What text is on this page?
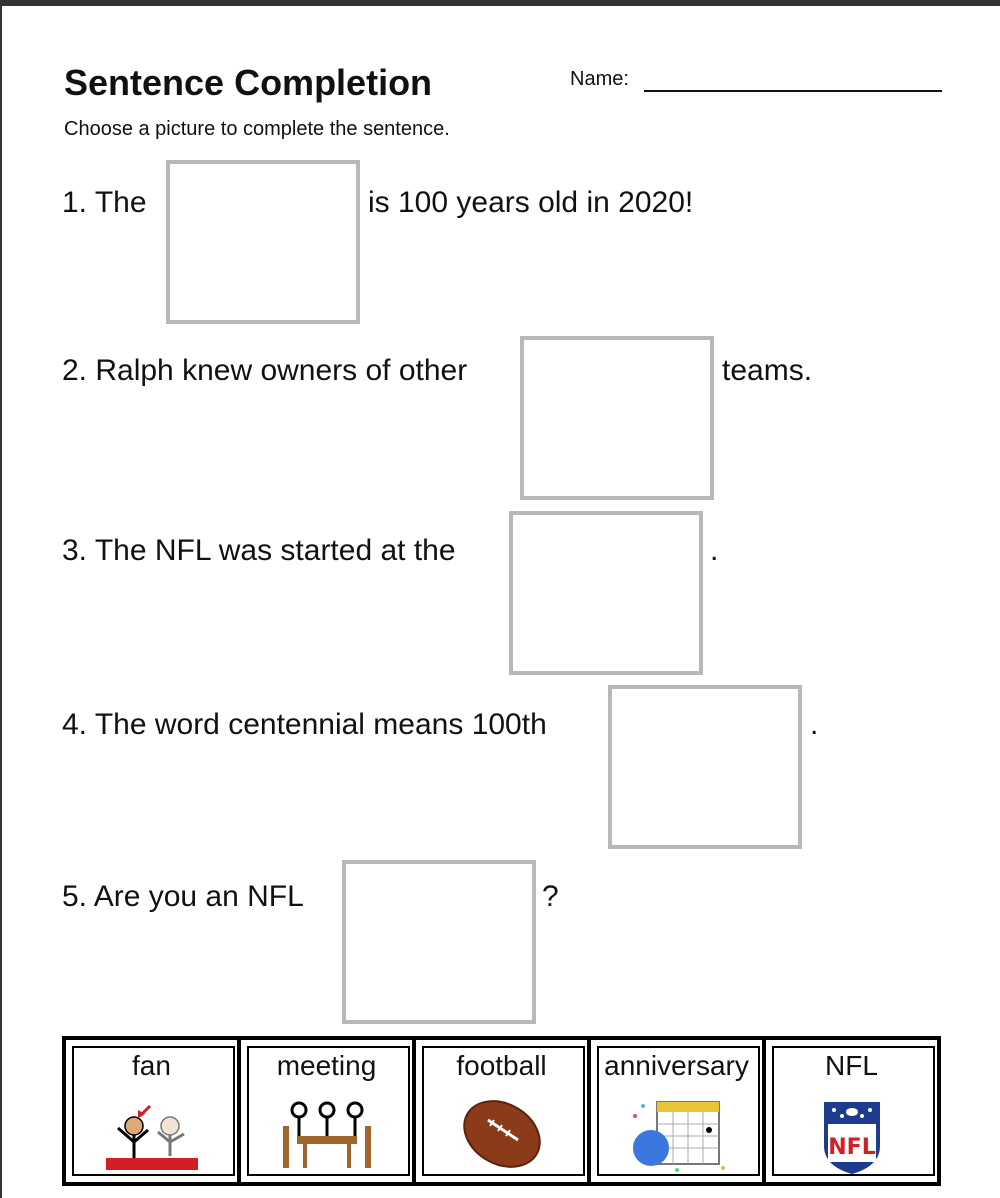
Sentence Completion	Name:
Choose a picture to complete the sentence.
1. The	is 100 years old in 2020!
2. Ralph knew owners of other	teams.
3. The NFL was started at the	.
4. The word centennial means 100th	.
5. Are you an NFL	?
fan	meeting	football	anniversary	NFL
NFL
